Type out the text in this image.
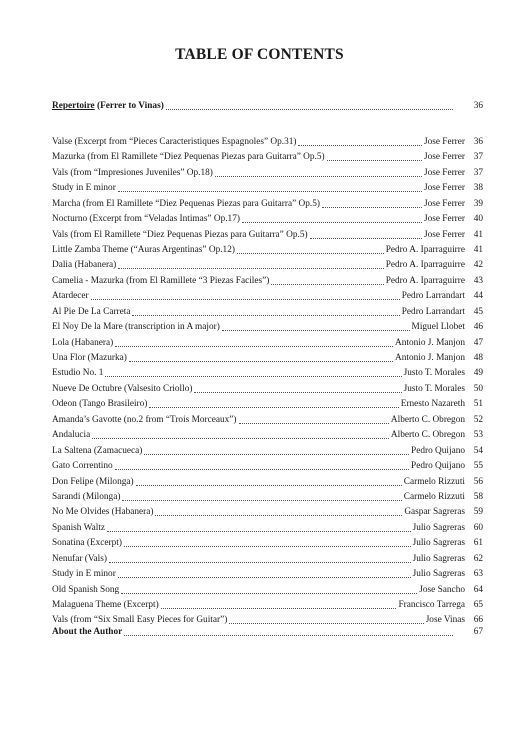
TABLE OF CONTENTS
Repertoire (Ferrer to Vinas)	36
Valse (Excerpt from “Pieces Caracteristiques Espagnoles” Op.31)	Jose Ferrer 36
Mazurka (from El Ramillete “Diez Pequenas Piezas para Guitarra” Op.5)	Jose Ferrer 37
Vals (from “Impresiones Juveniles” Op.18)	Jose Ferrer 37
Study in E minor	Jose Ferrer 38
Marcha (from El Ramillete “Diez Pequenas Piezas para Guitarra” Op.5)	Jose Ferrer 39
Nocturno (Excerpt from “Veladas Intimas” Op.17)	Jose Ferrer 40
Vals (from El Ramillete “Diez Pequenas Piezas para Guitarra” Op.5)	Jose Ferrer 41
Little Zamba Theme (“Auras Argentinas” Op.12)	Pedro A. Iparraguirre 41
Dalia (Habanera)	Pedro A. Iparraguirre 42
Camelia - Mazurka (from El Ramillete “3 Piezas Faciles”)	Pedro A. Iparraguirre 43
Atardecer	Pedro Larrandart 44
Al Pie De La Carreta	Pedro Larrandart 45
El Noy De la Mare (transcription in A major)	Miguel Llobet 46
Lola (Habanera)	Antonio J. Manjon 47
Una Flor (Mazurka)	Antonio J. Manjon 48
Estudio No. 1	Justo T. Morales 49
Nueve De Octubre (Valsesito Criollo)	Justo T. Morales 50
Odeon (Tango Brasileiro)	Ernesto Nazareth 51
Amanda’s Gavotte (no.2 from “Trois Morceaux”)	Alberto C. Obregon 52
Andalucia	Alberto C. Obregon 53
La Saltena (Zamacueca)	Pedro Quijano 54
Gato Correntino	Pedro Quijano 55
Don Felipe (Milonga)	Carmelo Rizzuti 56
Sarandi (Milonga)	Carmelo Rizzuti 58
No Me Olvides (Habanera)	Gaspar Sagreras 59
Spanish Waltz	Julio Sagreras 60
Sonatina (Excerpt)	Julio Sagreras 61
Nenufar (Vals)	Julio Sagreras 62
Study in E minor	Julio Sagreras 63
Old Spanish Song	Jose Sancho 64
Malaguena Theme (Excerpt)	Francisco Tarrega 65
Vals (from “Six Small Easy Pieces for Guitar”)	Jose Vinas 66
About the Author	67
